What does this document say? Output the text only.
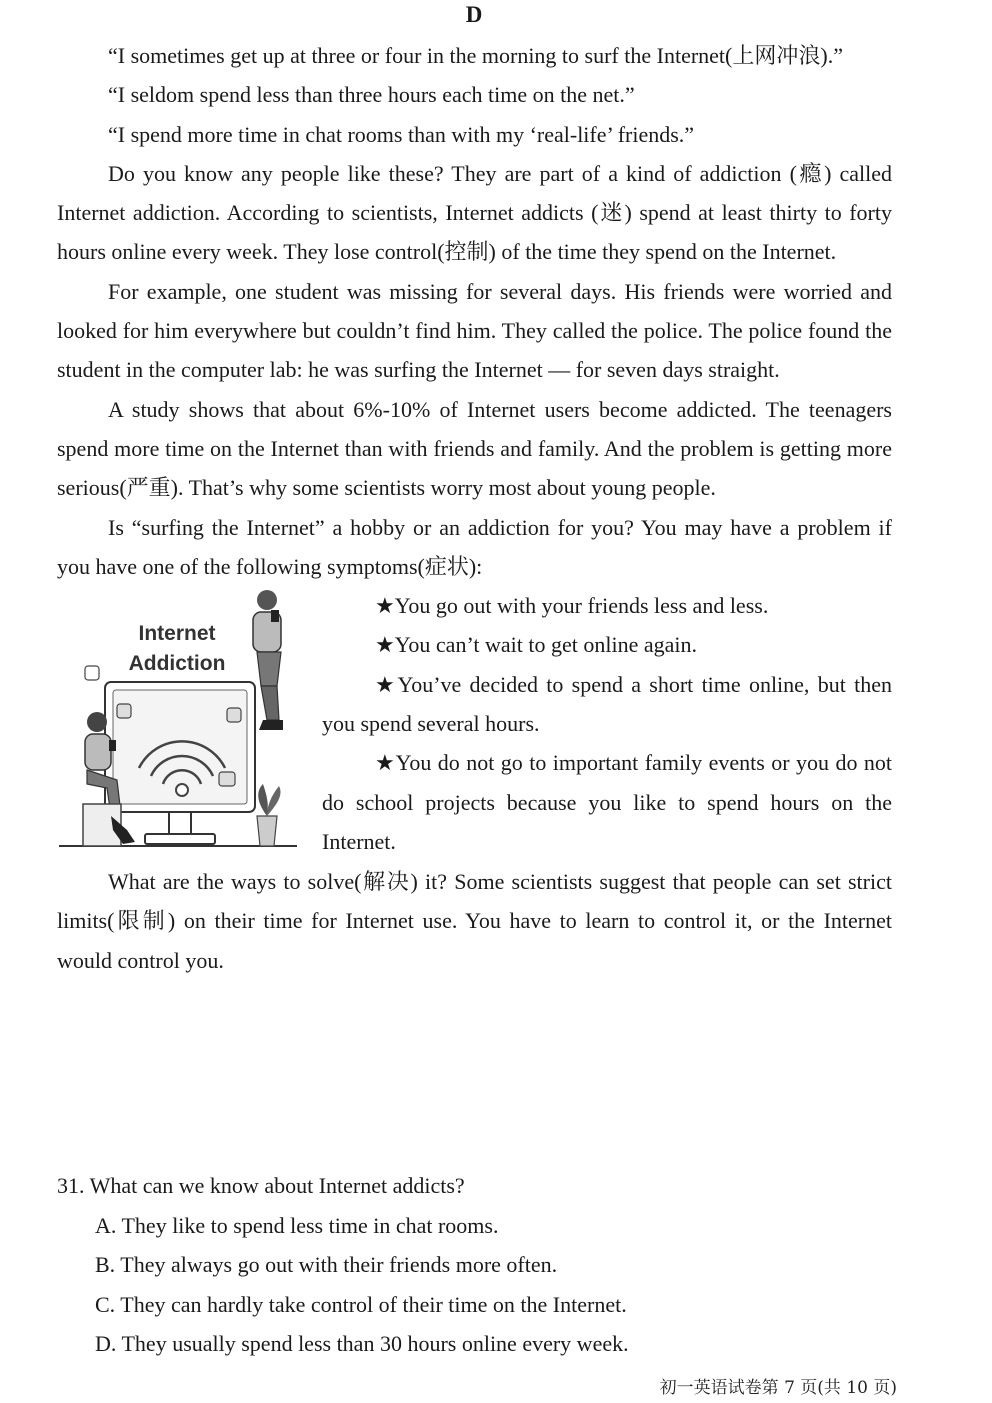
D

“I sometimes get up at three or four in the morning to surf the Internet(上网冲浪).”

“I seldom spend less than three hours each time on the net.”

“I spend more time in chat rooms than with my ‘real-life’ friends.”

Do you know any people like these? They are part of a kind of addiction (瘾) called Internet addiction. According to scientists, Internet addicts (迷) spend at least thirty to forty hours online every week. They lose control(控制) of the time they spend on the Internet.

For example, one student was missing for several days. His friends were worried and looked for him everywhere but couldn’t find him. They called the police. The police found the student in the computer lab: he was surfing the Internet — for seven days straight.

A study shows that about 6%-10% of Internet users become addicted. The teenagers spend more time on the Internet than with friends and family. And the problem is getting more serious(严重). That’s why some scientists worry most about young people.

Is “surfing the Internet” a hobby or an addiction for you? You may have a problem if you have one of the following symptoms(症状):

Internet
Addiction

★You go out with your friends less and less.

★You can’t wait to get online again.

★You’ve decided to spend a short time online, but then you spend several hours.

★You do not go to important family events or you do not do school projects because you like to spend hours on the Internet.

What are the ways to solve(解决) it? Some scientists suggest that people can set strict limits(限制) on their time for Internet use. You have to learn to control it, or the Internet would control you.

31. What can we know about Internet addicts?

A. They like to spend less time in chat rooms.

B. They always go out with their friends more often.

C. They can hardly take control of their time on the Internet.

D. They usually spend less than 30 hours online every week.

初一英语试卷第 7 页(共 10 页)
